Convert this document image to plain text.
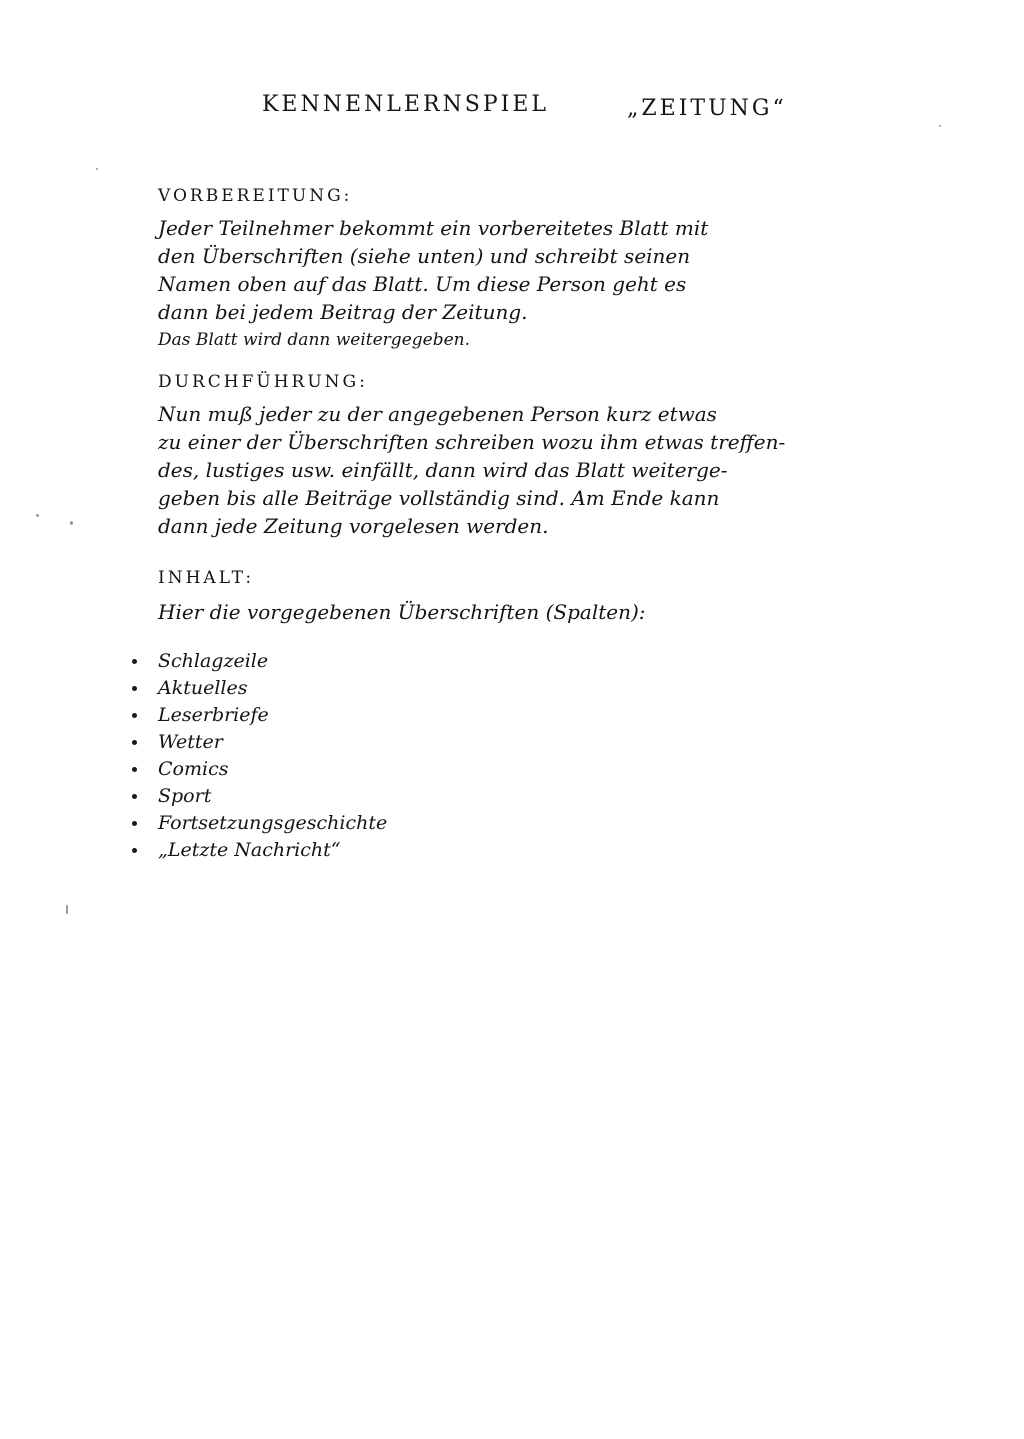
KENNENLERNSPIEL	„ZEITUNG“
VORBEREITUNG:
Jeder Teilnehmer bekommt ein vorbereitetes Blatt mit
den Überschriften (siehe unten) und schreibt seinen
Namen oben auf das Blatt. Um diese Person geht es
dann bei jedem Beitrag der Zeitung.
Das Blatt wird dann weitergegeben.
DURCHFÜHRUNG:
Nun muß jeder zu der angegebenen Person kurz etwas
zu einer der Überschriften schreiben wozu ihm etwas treffen-
des, lustiges usw. einfällt, dann wird das Blatt weiterge-
geben bis alle Beiträge vollständig sind. Am Ende kann
dann jede Zeitung vorgelesen werden.
INHALT:
Hier die vorgegebenen Überschriften (Spalten):
Schlagzeile
Aktuelles
Leserbriefe
Wetter
Comics
Sport
Fortsetzungsgeschichte
„Letzte Nachricht“
